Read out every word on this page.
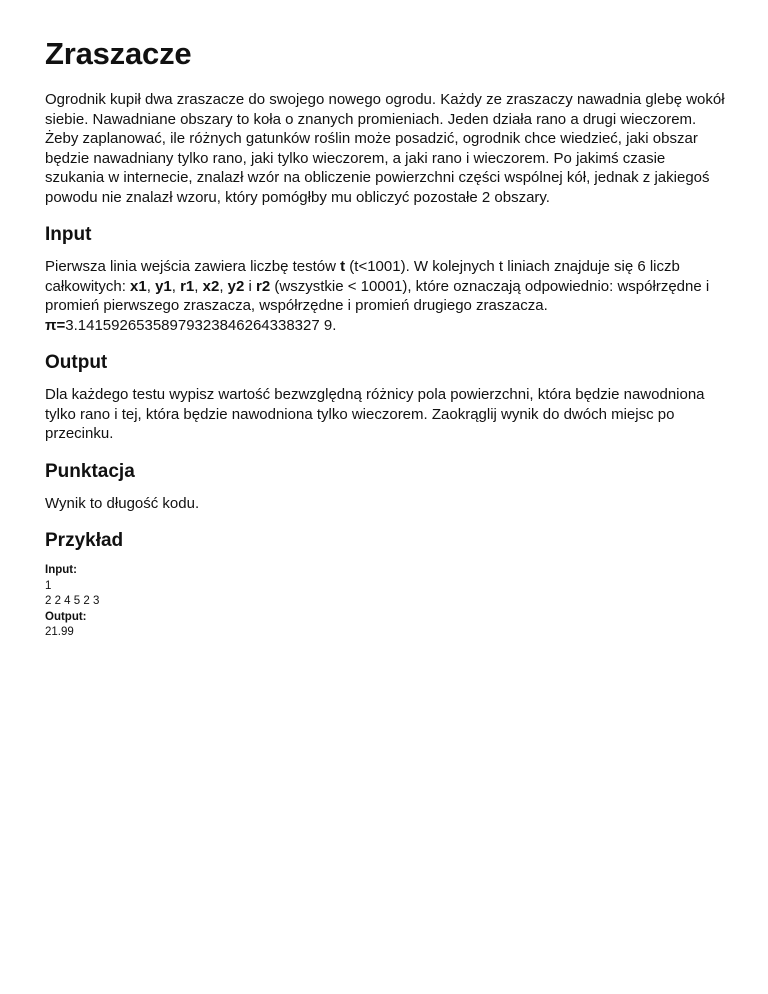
Zraszacze

Ogrodnik kupił dwa zraszacze do swojego nowego ogrodu. Każdy ze zraszaczy nawadnia glebę wokół siebie. Nawadniane obszary to koła o znanych promieniach. Jeden działa rano a drugi wieczorem. Żeby zaplanować, ile różnych gatunków roślin może posadzić, ogrodnik chce wiedzieć, jaki obszar będzie nawadniany tylko rano, jaki tylko wieczorem, a jaki rano i wieczorem. Po jakimś czasie szukania w internecie, znalazł wzór na obliczenie powierzchni części wspólnej kół, jednak z jakiegoś powodu nie znalazł wzoru, który pomógłby mu obliczyć pozostałe 2 obszary.

Input

Pierwsza linia wejścia zawiera liczbę testów t (t<1001). W kolejnych t liniach znajduje się 6 liczb całkowitych: x1, y1, r1, x2, y2 i r2 (wszystkie < 10001), które oznaczają odpowiednio: współrzędne i promień pierwszego zraszacza, współrzędne i promień drugiego zraszacza. π=3.14159265358979323846264338327 9.

Output

Dla każdego testu wypisz wartość bezwzględną różnicy pola powierzchni, która będzie nawodniona tylko rano i tej, która będzie nawodniona tylko wieczorem. Zaokrąglij wynik do dwóch miejsc po przecinku.

Punktacja

Wynik to długość kodu.

Przykład
Input:
1
2 2 4 5 2 3
Output:
21.99
